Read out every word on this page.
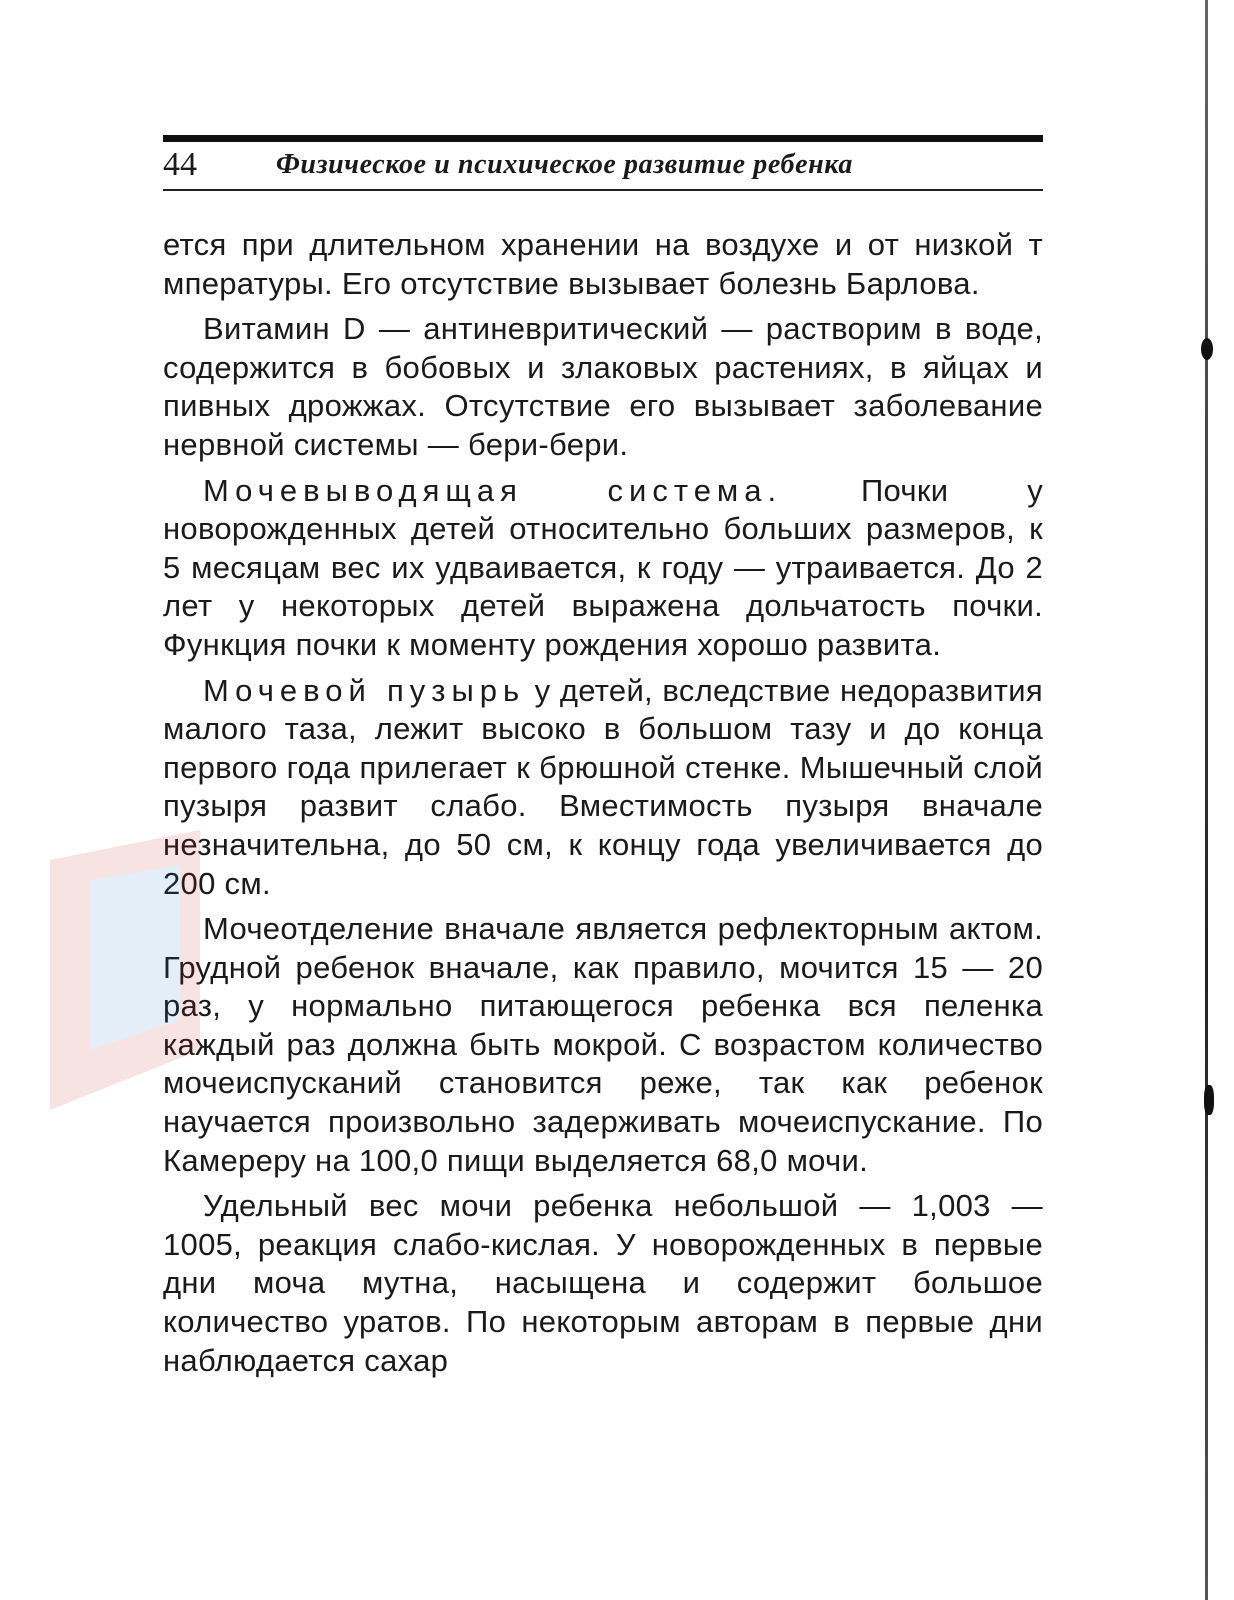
44	Физическое и психическое развитие ребенка

ется при длительном хранении на воздухе и от низкой т мпературы. Его отсутствие вызывает болезнь Барлова.

Витамин D — антиневритический — растворим в воде, содержится в бобовых и злаковых растениях, в яйцах и пивных дрожжах. Отсутствие его вызывает заболевание нервной системы — бери-бери.

Мочевыводящая система. Почки у новорожденных детей относительно больших размеров, к 5 месяцам вес их удваивается, к году — утраивается. До 2 лет у некоторых детей выражена дольчатость почки. Функция почки к моменту рождения хорошо развита.

Мочевой пузырь у детей, вследствие недоразвития малого таза, лежит высоко в большом тазу и до конца первого года прилегает к брюшной стенке. Мышечный слой пузыря развит слабо. Вместимость пузыря вначале незначительна, до 50 см, к концу года увеличивается до 200 см.

Мочеотделение вначале является рефлекторным актом. Грудной ребенок вначале, как правило, мочится 15 — 20 раз, у нормально питающегося ребенка вся пеленка каждый раз должна быть мокрой. С возрастом количество мочеиспусканий становится реже, так как ребенок научается произвольно задерживать мочеиспускание. По Камереру на 100,0 пищи выделяется 68,0 мочи.

Удельный вес мочи ребенка небольшой — 1,003 — 1005, реакция слабо-кислая. У новорожденных в первые дни моча мутна, насыщена и содержит большое количество уратов. По некоторым авторам в первые дни наблюдается сахар
